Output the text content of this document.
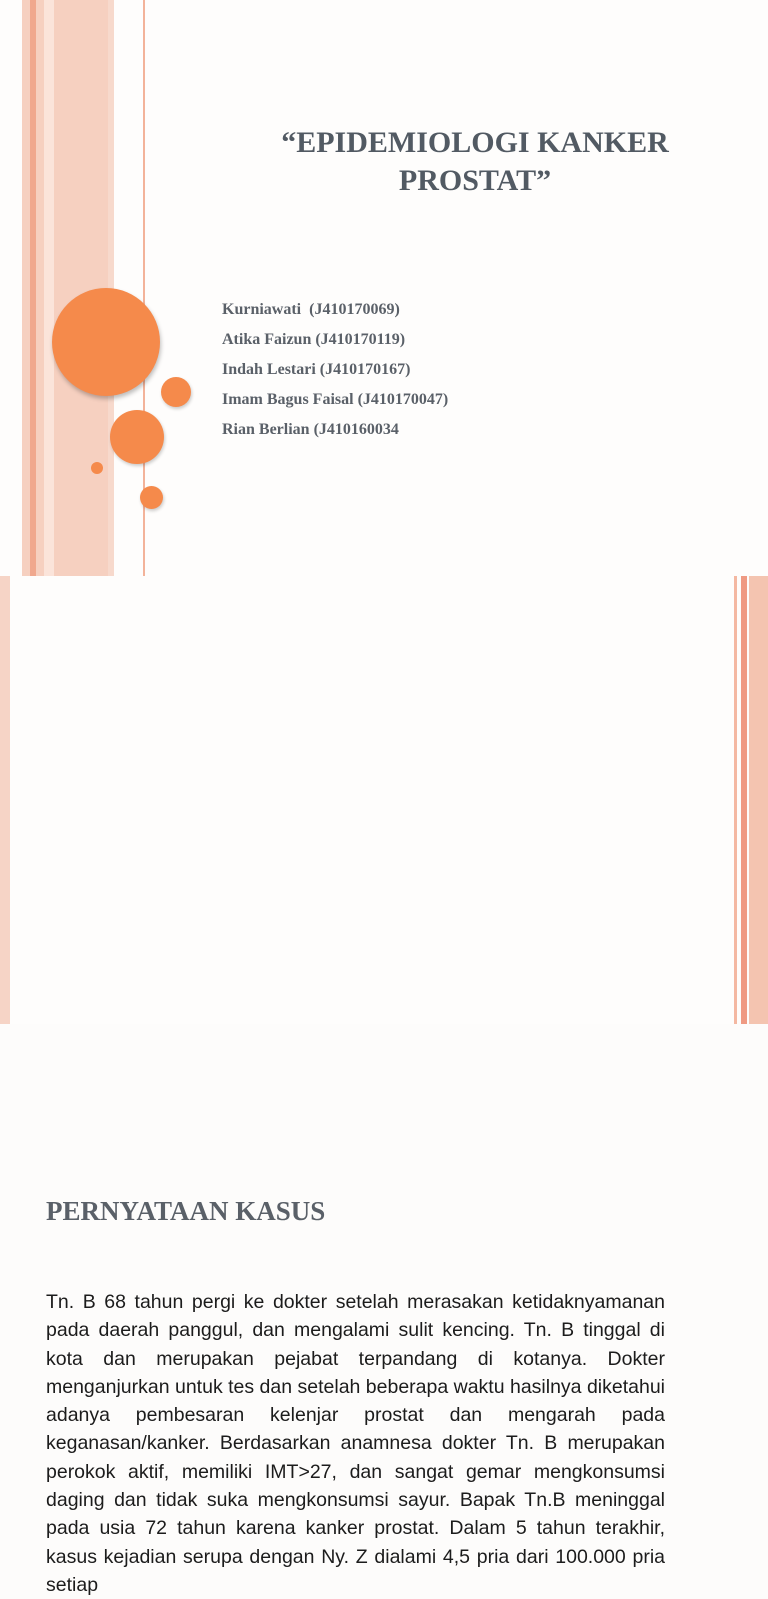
“EPIDEMIOLOGI KANKER PROSTAT”
Kurniawati  (J410170069)
Atika Faizun (J410170119)
Indah Lestari (J410170167)
Imam Bagus Faisal (J410170047)
Rian Berlian (J410160034
PERNYATAAN KASUS

Tn. B 68 tahun pergi ke dokter setelah merasakan ketidaknyamanan pada daerah panggul, dan mengalami sulit kencing. Tn. B tinggal di kota dan merupakan pejabat terpandang di kotanya. Dokter menganjurkan untuk tes dan setelah beberapa waktu hasilnya diketahui adanya pembesaran kelenjar prostat dan mengarah pada keganasan/kanker. Berdasarkan anamnesa dokter Tn. B merupakan perokok aktif, memiliki IMT>27, dan sangat gemar mengkonsumsi daging dan tidak suka mengkonsumsi sayur. Bapak Tn.B meninggal pada usia 72 tahun karena kanker prostat. Dalam 5 tahun terakhir, kasus kejadian serupa dengan Ny. Z dialami 4,5 pria dari 100.000 pria setiap
